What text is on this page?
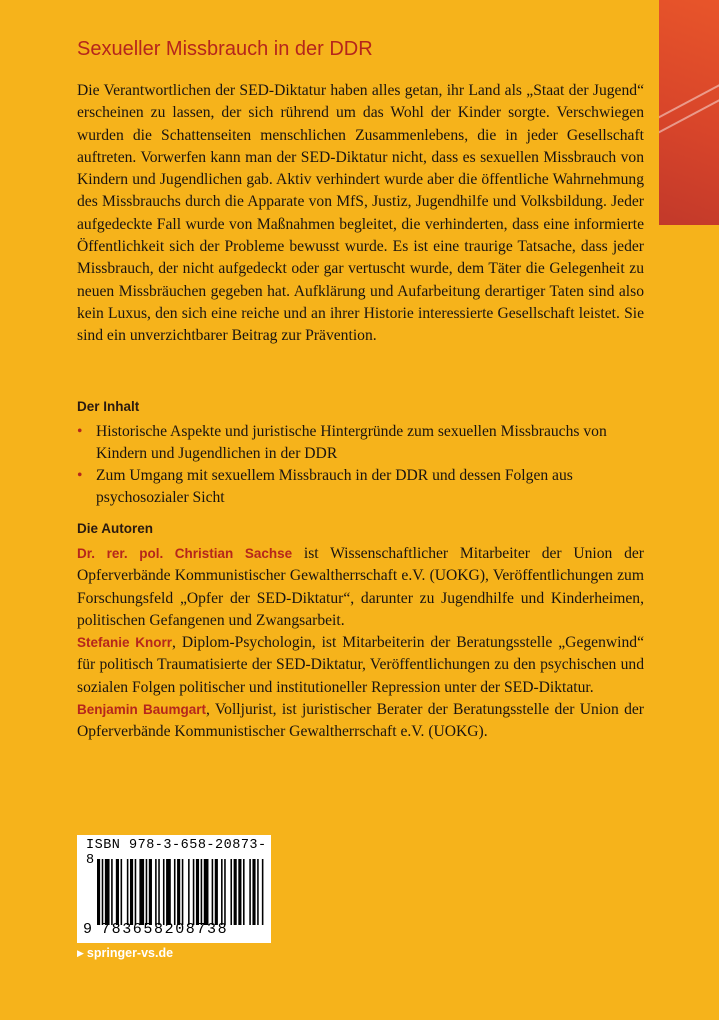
Sexueller Missbrauch in der DDR

Die Verantwortlichen der SED-Diktatur haben alles getan, ihr Land als „Staat der Jugend“ erscheinen zu lassen, der sich rührend um das Wohl der Kinder sorgte. Verschwiegen wurden die Schattenseiten menschlichen Zusammenlebens, die in jeder Gesellschaft auftreten. Vorwerfen kann man der SED-Diktatur nicht, dass es sexuellen Missbrauch von Kindern und Jugendlichen gab. Aktiv verhindert wurde aber die öffentliche Wahrnehmung des Missbrauchs durch die Apparate von MfS, Justiz, Jugendhilfe und Volksbildung. Jeder aufgedeckte Fall wurde von Maßnahmen begleitet, die verhinderten, dass eine informierte Öffentlichkeit sich der Probleme bewusst wurde. Es ist eine traurige Tatsache, dass jeder Missbrauch, der nicht aufgedeckt oder gar vertuscht wurde, dem Täter die Gelegenheit zu neuen Missbräuchen gegeben hat. Aufklärung und Aufarbeitung derartiger Taten sind also kein Luxus, den sich eine reiche und an ihrer Historie interessierte Gesellschaft leistet. Sie sind ein unverzichtbarer Beitrag zur Prävention.

Der Inhalt
• Historische Aspekte und juristische Hintergründe zum sexuellen Missbrauchs von Kindern und Jugendlichen in der DDR
• Zum Umgang mit sexuellem Missbrauch in der DDR und dessen Folgen aus psychosozialer Sicht
Die Autoren

Dr. rer. pol. Christian Sachse ist Wissenschaftlicher Mitarbeiter der Union der Opferverbände Kommunistischer Gewaltherrschaft e.V. (UOKG), Veröffentlichungen zum Forschungsfeld „Opfer der SED-Diktatur“, darunter zu Jugendhilfe und Kinderheimen, politischen Gefangenen und Zwangsarbeit.

Stefanie Knorr, Diplom-Psychologin, ist Mitarbeiterin der Beratungsstelle „Gegenwind“ für politisch Traumatisierte der SED-Diktatur, Veröffentlichungen zu den psychischen und sozialen Folgen politischer und institutioneller Repression unter der SED-Diktatur.

Benjamin Baumgart, Volljurist, ist juristischer Berater der Beratungsstelle der Union der Opferverbände Kommunistischer Gewaltherrschaft e.V. (UOKG).

ISBN 978-3-658-20873-8
9 783658208738
▶ springer-vs.de
